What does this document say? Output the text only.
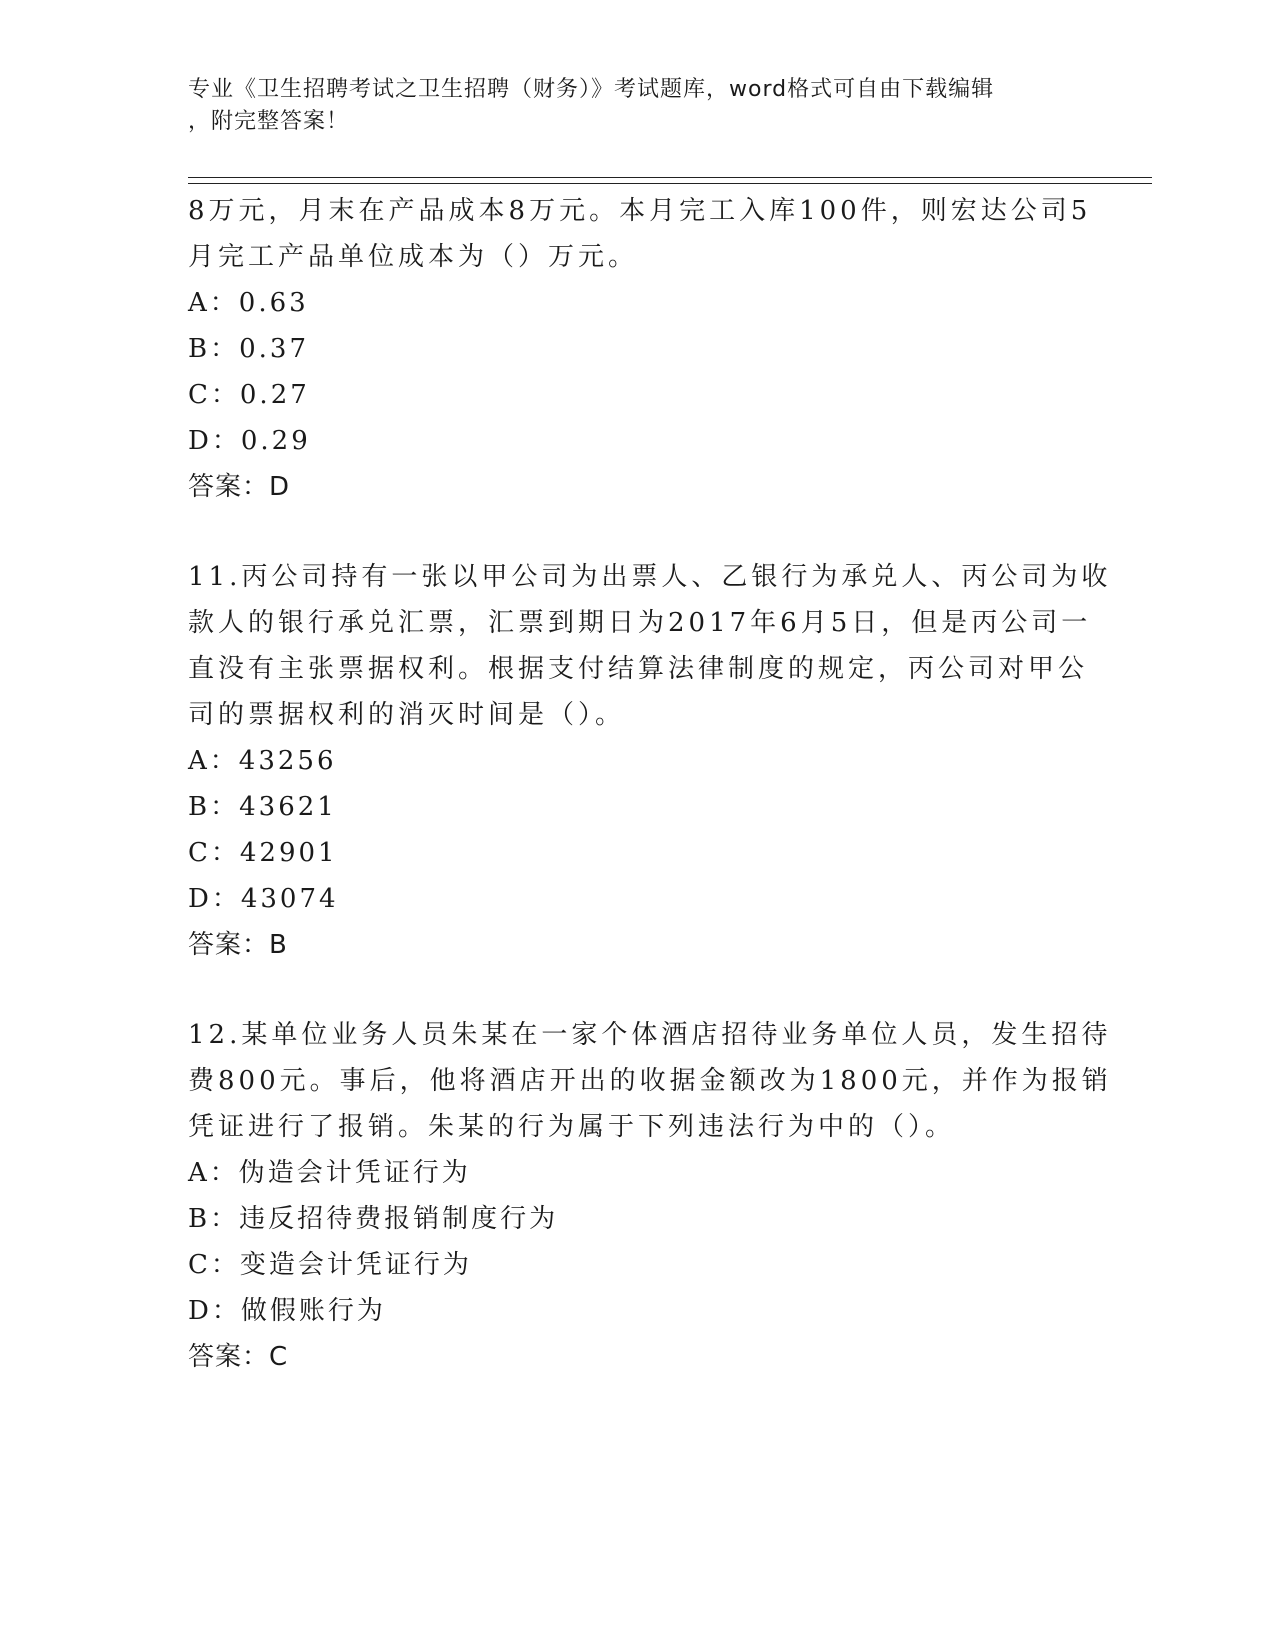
专业《卫生招聘考试之卫生招聘（财务）》考试题库，word格式可自由下载编辑
，附完整答案！
8万元，月末在产品成本8万元。本月完工入库100件，则宏达公司5
月完工产品单位成本为（）万元。
A：0.63
B：0.37
C：0.27
D：0.29
答案：D
11.丙公司持有一张以甲公司为出票人、乙银行为承兑人、丙公司为收
款人的银行承兑汇票，汇票到期日为2017年6月5日，但是丙公司一
直没有主张票据权利。根据支付结算法律制度的规定，丙公司对甲公
司的票据权利的消灭时间是（）。
A：43256
B：43621
C：42901
D：43074
答案：B
12.某单位业务人员朱某在一家个体酒店招待业务单位人员，发生招待
费800元。事后，他将酒店开出的收据金额改为1800元，并作为报销
凭证进行了报销。朱某的行为属于下列违法行为中的（）。
A：伪造会计凭证行为
B：违反招待费报销制度行为
C：变造会计凭证行为
D：做假账行为
答案：C
